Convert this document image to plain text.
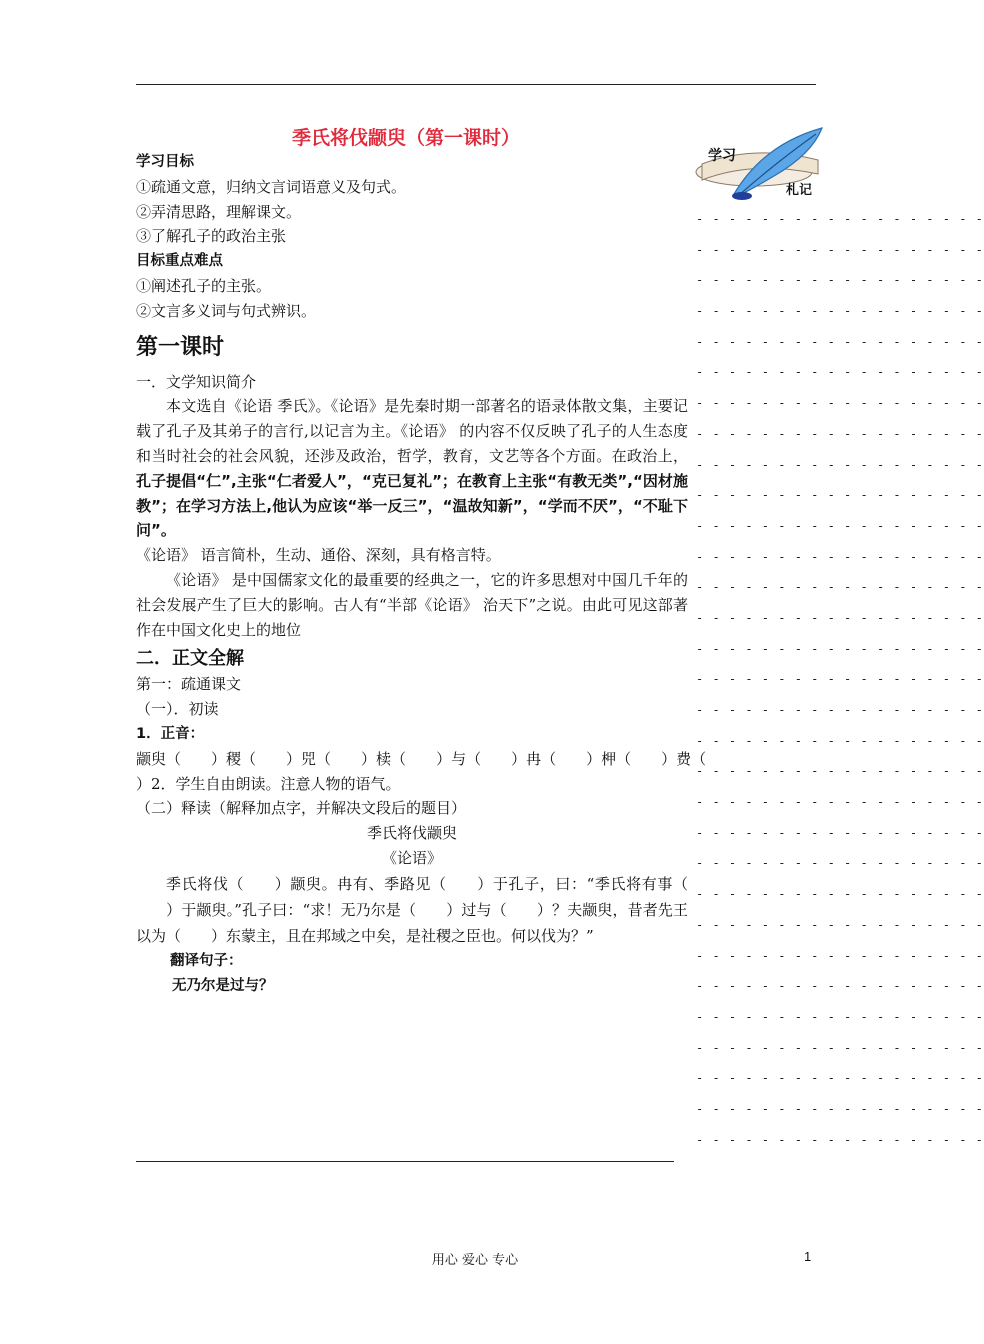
季氏将伐颛臾（第一课时）
学习
札记
- - - - - - - - - - - - - - - - - -
- - - - - - - - - - - - - - - - - -
- - - - - - - - - - - - - - - - - -
- - - - - - - - - - - - - - - - - -
- - - - - - - - - - - - - - - - - -
- - - - - - - - - - - - - - - - - -
- - - - - - - - - - - - - - - - - -
- - - - - - - - - - - - - - - - - -
- - - - - - - - - - - - - - - - - -
- - - - - - - - - - - - - - - - - -
- - - - - - - - - - - - - - - - - -
- - - - - - - - - - - - - - - - - -
- - - - - - - - - - - - - - - - - -
- - - - - - - - - - - - - - - - - -
- - - - - - - - - - - - - - - - - -
- - - - - - - - - - - - - - - - - -
- - - - - - - - - - - - - - - - - -
- - - - - - - - - - - - - - - - - -
- - - - - - - - - - - - - - - - - -
- - - - - - - - - - - - - - - - - -
- - - - - - - - - - - - - - - - - -
- - - - - - - - - - - - - - - - - -
- - - - - - - - - - - - - - - - - -
- - - - - - - - - - - - - - - - - -
- - - - - - - - - - - - - - - - - -
- - - - - - - - - - - - - - - - - -
- - - - - - - - - - - - - - - - - -
- - - - - - - - - - - - - - - - - -
- - - - - - - - - - - - - - - - - -
- - - - - - - - - - - - - - - - - -
- - - - - - - - - - - - - - - - - -

学习目标

①疏通文意，归纳文言词语意义及句式。

②弄清思路，理解课文。

③了解孔子的政治主张

目标重点难点

①阐述孔子的主张。

②文言多义词与句式辨识。

第一课时

一．文学知识简介

本文选自《论语 季氏》。《论语》是先秦时期一部著名的语录体散文集，主要记载了孔子及其弟子的言行,以记言为主。《论语》 的内容不仅反映了孔子的人生态度和当时社会的社会风貌，还涉及政治，哲学，教育，文艺等各个方面。在政治上，孔子提倡“仁”,主张“仁者爱人”，“克已复礼”；在教育上主张“有教无类”,“因材施教”；在学习方法上,他认为应该“举一反三”，“温故知新”，“学而不厌”，“不耻下问”。
《论语》 语言简朴，生动、通俗、深刻，具有格言特。

《论语》 是中国儒家文化的最重要的经典之一，它的许多思想对中国几千年的社会发展产生了巨大的影响。古人有“半部《论语》 治天下”之说。由此可见这部著作在中国文化史上的地位

二．正文全解

第一：疏通课文

（一）．初读

1．正音：

颛臾（ ）稷（ ）兕（ ）椟（ ）与（ ）冉（ ）柙（ ）费（

）2．学生自由朗读。注意人物的语气。

（二）释读（解释加点字，并解决文段后的题目）

季氏将伐颛臾

《论语》

季氏将伐（ ）颛臾。冉有、季路见（ ）于孔子，曰：“季氏将有事（）于颛臾。”孔子曰：“求！无乃尔是（ ）过与（ ）？夫颛臾，昔者先王以为（ ）东蒙主，且在邦域之中矣，是社稷之臣也。何以伐为？”

翻译句子：

无乃尔是过与？

用心 爱心 专心	1
